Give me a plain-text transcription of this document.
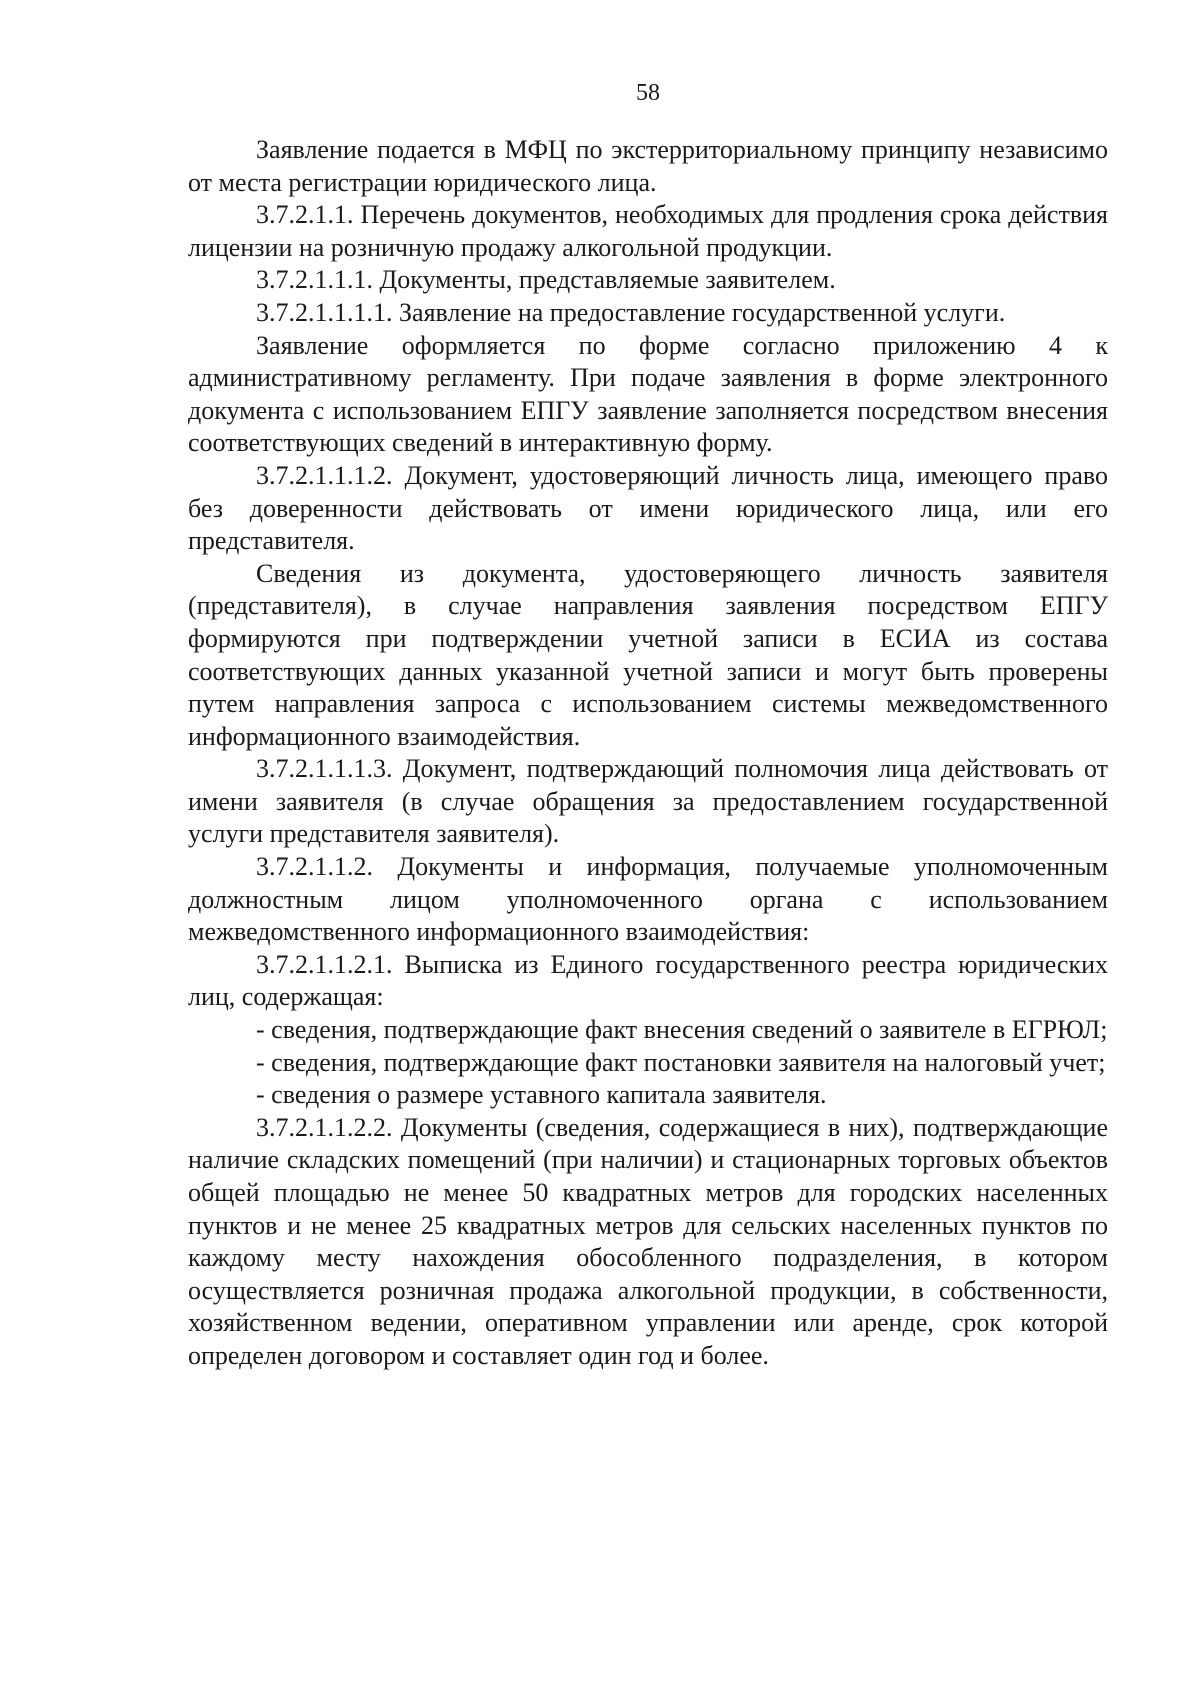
58

Заявление подается в МФЦ по экстерриториальному принципу независимо от места регистрации юридического лица.

3.7.2.1.1. Перечень документов, необходимых для продления срока действия лицензии на розничную продажу алкогольной продукции.

3.7.2.1.1.1. Документы, представляемые заявителем.

3.7.2.1.1.1.1. Заявление на предоставление государственной услуги.

Заявление оформляется по форме согласно приложению 4 к административному регламенту. При подаче заявления в форме электронного документа с использованием ЕПГУ заявление заполняется посредством внесения соответствующих сведений в интерактивную форму.

3.7.2.1.1.1.2. Документ, удостоверяющий личность лица, имеющего право без доверенности действовать от имени юридического лица, или его представителя.

Сведения из документа, удостоверяющего личность заявителя (представителя), в случае направления заявления посредством ЕПГУ формируются при подтверждении учетной записи в ЕСИА из состава соответствующих данных указанной учетной записи и могут быть проверены путем направления запроса с использованием системы межведомственного информационного взаимодействия.

3.7.2.1.1.1.3. Документ, подтверждающий полномочия лица действовать от имени заявителя (в случае обращения за предоставлением государственной услуги представителя заявителя).

3.7.2.1.1.2. Документы и информация, получаемые уполномоченным должностным лицом уполномоченного органа с использованием межведомственного информационного взаимодействия:

3.7.2.1.1.2.1. Выписка из Единого государственного реестра юридических лиц, содержащая:

- сведения, подтверждающие факт внесения сведений о заявителе в ЕГРЮЛ;

- сведения, подтверждающие факт постановки заявителя на налоговый учет;

- сведения о размере уставного капитала заявителя.

3.7.2.1.1.2.2. Документы (сведения, содержащиеся в них), подтверждающие наличие складских помещений (при наличии) и стационарных торговых объектов общей площадью не менее 50 квадратных метров для городских населенных пунктов и не менее 25 квадратных метров для сельских населенных пунктов по каждому месту нахождения обособленного подразделения, в котором осуществляется розничная продажа алкогольной продукции, в собственности, хозяйственном ведении, оперативном управлении или аренде, срок которой определен договором и составляет один год и более.
